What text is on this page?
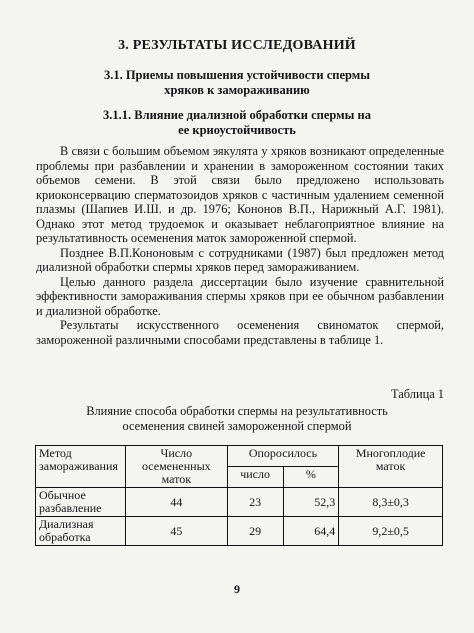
3. РЕЗУЛЬТАТЫ ИССЛЕДОВАНИЙ
3.1. Приемы повышения устойчивости спермы
хряков к замораживанию
3.1.1. Влияние диализной обработки спермы на
ее криоустойчивость

В связи с большим объемом эякулята у хряков возникают определенные проблемы при разбавлении и хранении в замороженном состоянии таких объемов семени. В этой связи было предложено использовать криоконсервацию сперматозоидов хряков с частичным удалением семенной плазмы (Шапиев И.Ш. и др. 1976; Кононов В.П., Нарижный А.Г. 1981). Однако этот метод трудоемок и оказывает неблагоприятное влияние на результативность осеменения маток замороженной спермой.

Позднее В.П.Кононовым с сотрудниками (1987) был предложен метод диализной обработки спермы хряков перед замораживанием.

Целью данного раздела диссертации было изучение сравнительной эффективности замораживания спермы хряков при ее обычном разбавлении и диализной обработке.

Результаты искусственного осеменения свиноматок спермой, замороженной различными способами представлены в таблице 1.

Таблица 1
Влияние способа обработки спермы на результативность
осеменения свиней замороженной спермой
Метод замораживания	Число осемененных маток	Опоросилось		Многоплодие маток
		число	%	
Обычное разбавление	44	23	52,3	8,3±0,3
Диализная обработка	45	29	64,4	9,2±0,5
9
